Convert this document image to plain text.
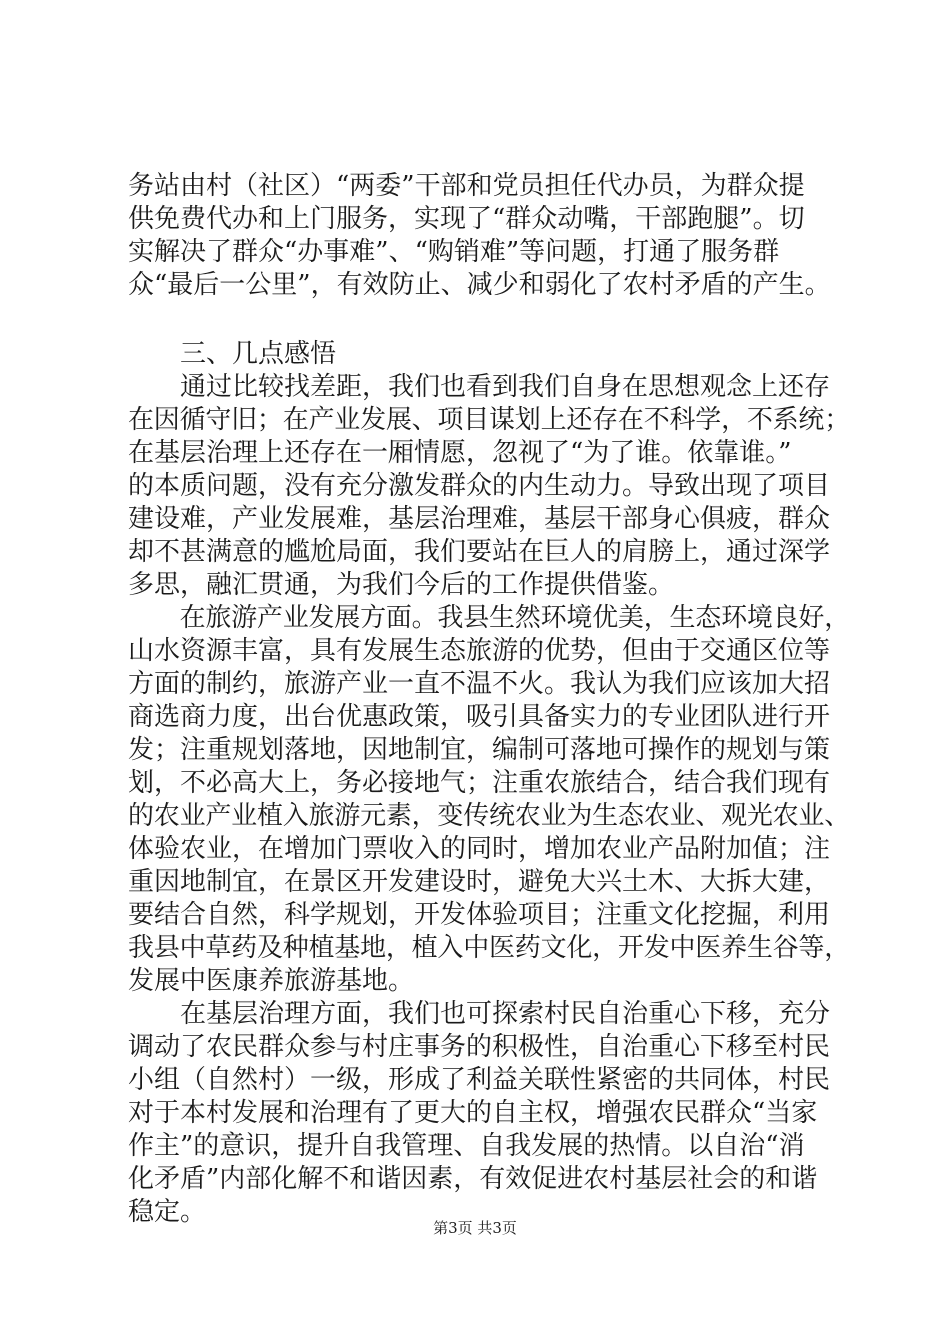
务站由村（社区）“两委”干部和党员担任代办员，为群众提
供免费代办和上门服务，实现了“群众动嘴，干部跑腿”。切
实解决了群众“办事难”、“购销难”等问题，打通了服务群
众“最后一公里”，有效防止、减少和弱化了农村矛盾的产生。
　　三、几点感悟
　　通过比较找差距，我们也看到我们自身在思想观念上还存
在因循守旧；在产业发展、项目谋划上还存在不科学，不系统；
在基层治理上还存在一厢情愿，忽视了“为了谁。依靠谁。”
的本质问题，没有充分激发群众的内生动力。导致出现了项目
建设难，产业发展难，基层治理难，基层干部身心俱疲，群众
却不甚满意的尴尬局面，我们要站在巨人的肩膀上，通过深学
多思，融汇贯通，为我们今后的工作提供借鉴。
　　在旅游产业发展方面。我县生然环境优美，生态环境良好，
山水资源丰富，具有发展生态旅游的优势，但由于交通区位等
方面的制约，旅游产业一直不温不火。我认为我们应该加大招
商选商力度，出台优惠政策，吸引具备实力的专业团队进行开
发；注重规划落地，因地制宜，编制可落地可操作的规划与策
划，不必高大上，务必接地气；注重农旅结合，结合我们现有
的农业产业植入旅游元素，变传统农业为生态农业、观光农业、
体验农业，在增加门票收入的同时，增加农业产品附加值；注
重因地制宜，在景区开发建设时，避免大兴土木、大拆大建，
要结合自然，科学规划，开发体验项目；注重文化挖掘，利用
我县中草药及种植基地，植入中医药文化，开发中医养生谷等，
发展中医康养旅游基地。
　　在基层治理方面，我们也可探索村民自治重心下移，充分
调动了农民群众参与村庄事务的积极性，自治重心下移至村民
小组（自然村）一级，形成了利益关联性紧密的共同体，村民
对于本村发展和治理有了更大的自主权，增强农民群众“当家
作主”的意识，提升自我管理、自我发展的热情。以自治“消
化矛盾”内部化解不和谐因素，有效促进农村基层社会的和谐
稳定。
第3页 共3页
